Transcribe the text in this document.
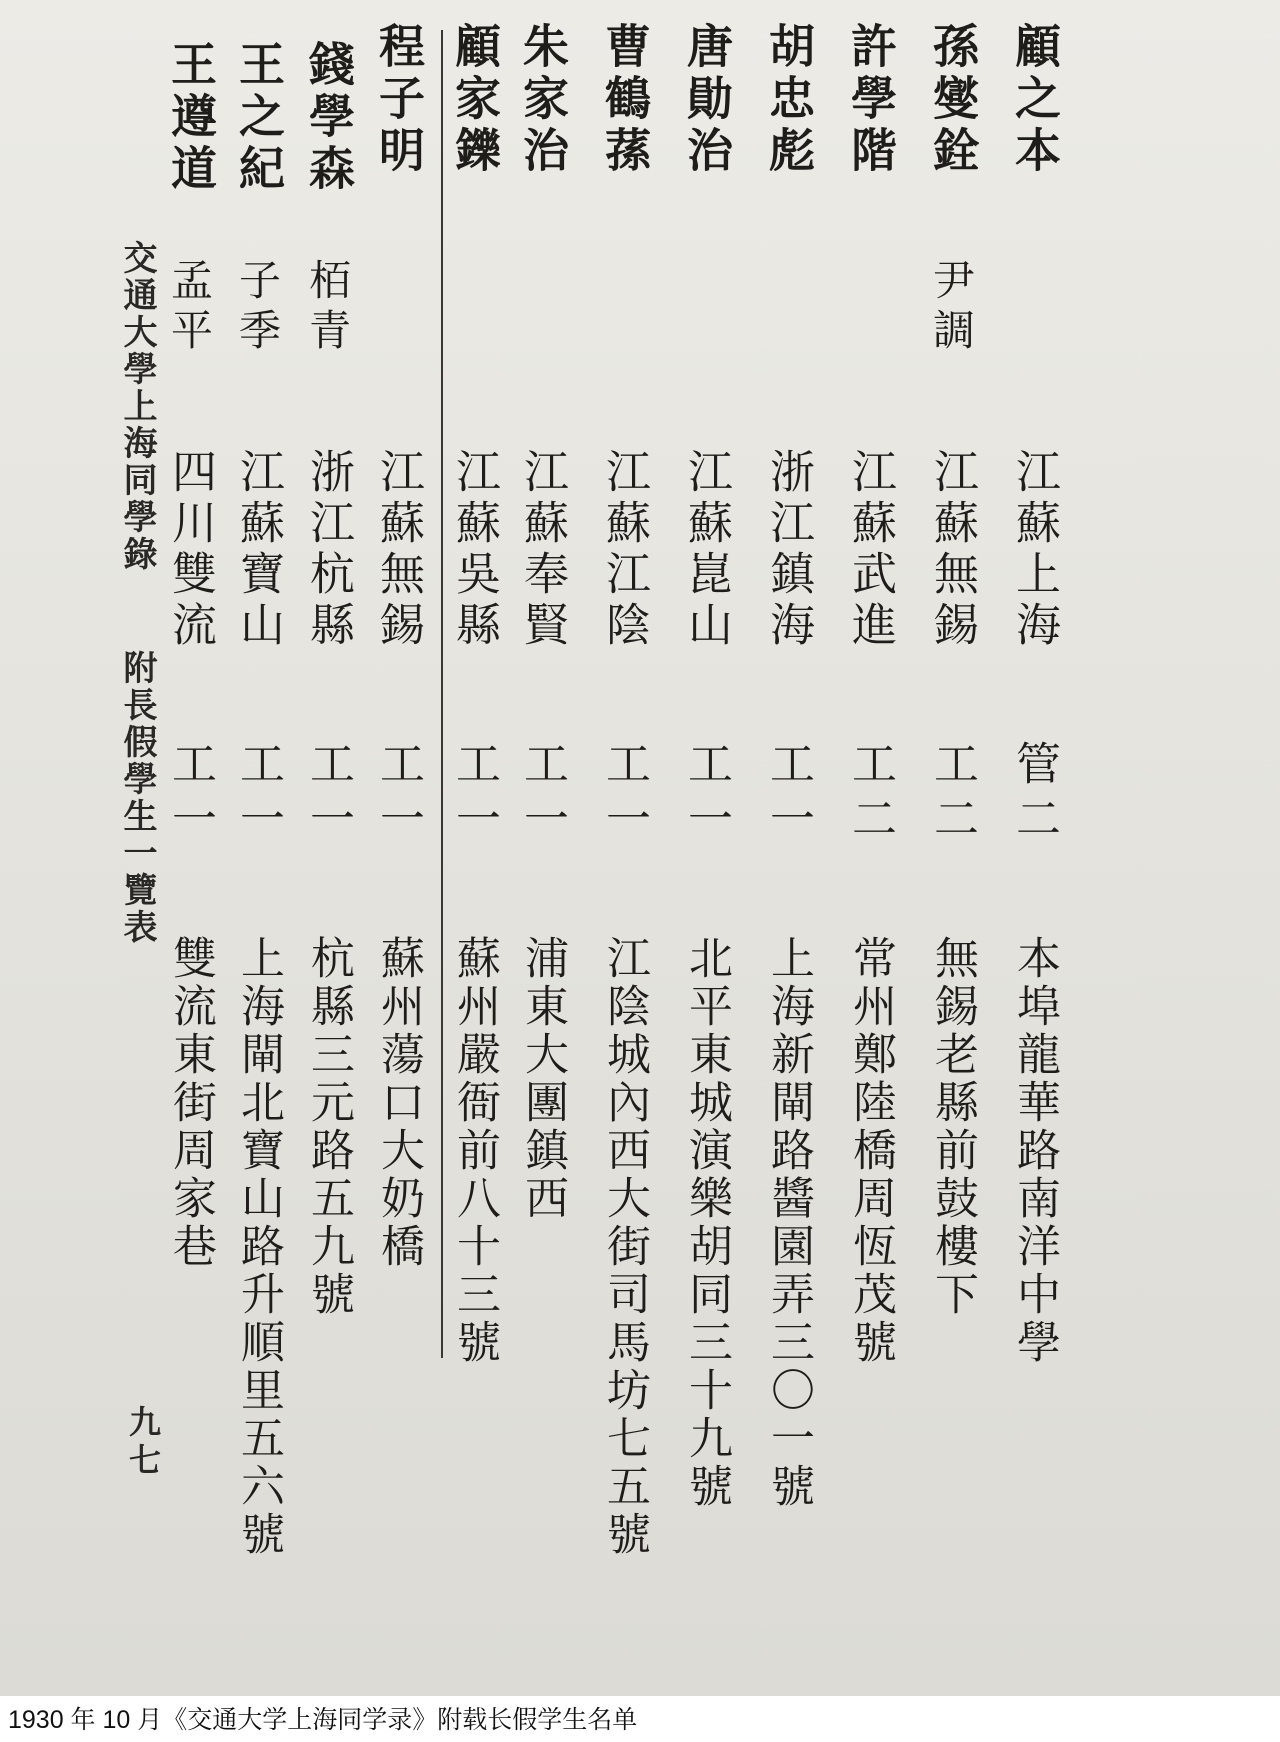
顧之本
江蘇上海
管二
本埠龍華路南洋中學
孫燮銓
尹調
江蘇無錫
工二
無錫老縣前鼓樓下
許學階
江蘇武進
工二
常州鄭陸橋周恆茂號
胡忠彪
浙江鎮海
工一
上海新閘路醬園弄三〇一號
唐勛治
江蘇崑山
工一
北平東城演樂胡同三十九號
曹鶴蓀
江蘇江陰
工一
江陰城內西大街司馬坊七五號
朱家治
江蘇奉賢
工一
浦東大團鎮西
顧家鑠
江蘇吳縣
工一
蘇州嚴衙前八十三號
程子明
江蘇無錫
工一
蘇州蕩口大奶橋
錢學森
栢青
浙江杭縣
工一
杭縣三元路五九號
王之紀
子季
江蘇寶山
工一
上海閘北寶山路升順里五六號
王遵道
孟平
四川雙流
工一
雙流東街周家巷
交通大學上海同學錄
附長假學生一覽表
九七
1930 年 10 月《交通大学上海同学录》附载长假学生名单
